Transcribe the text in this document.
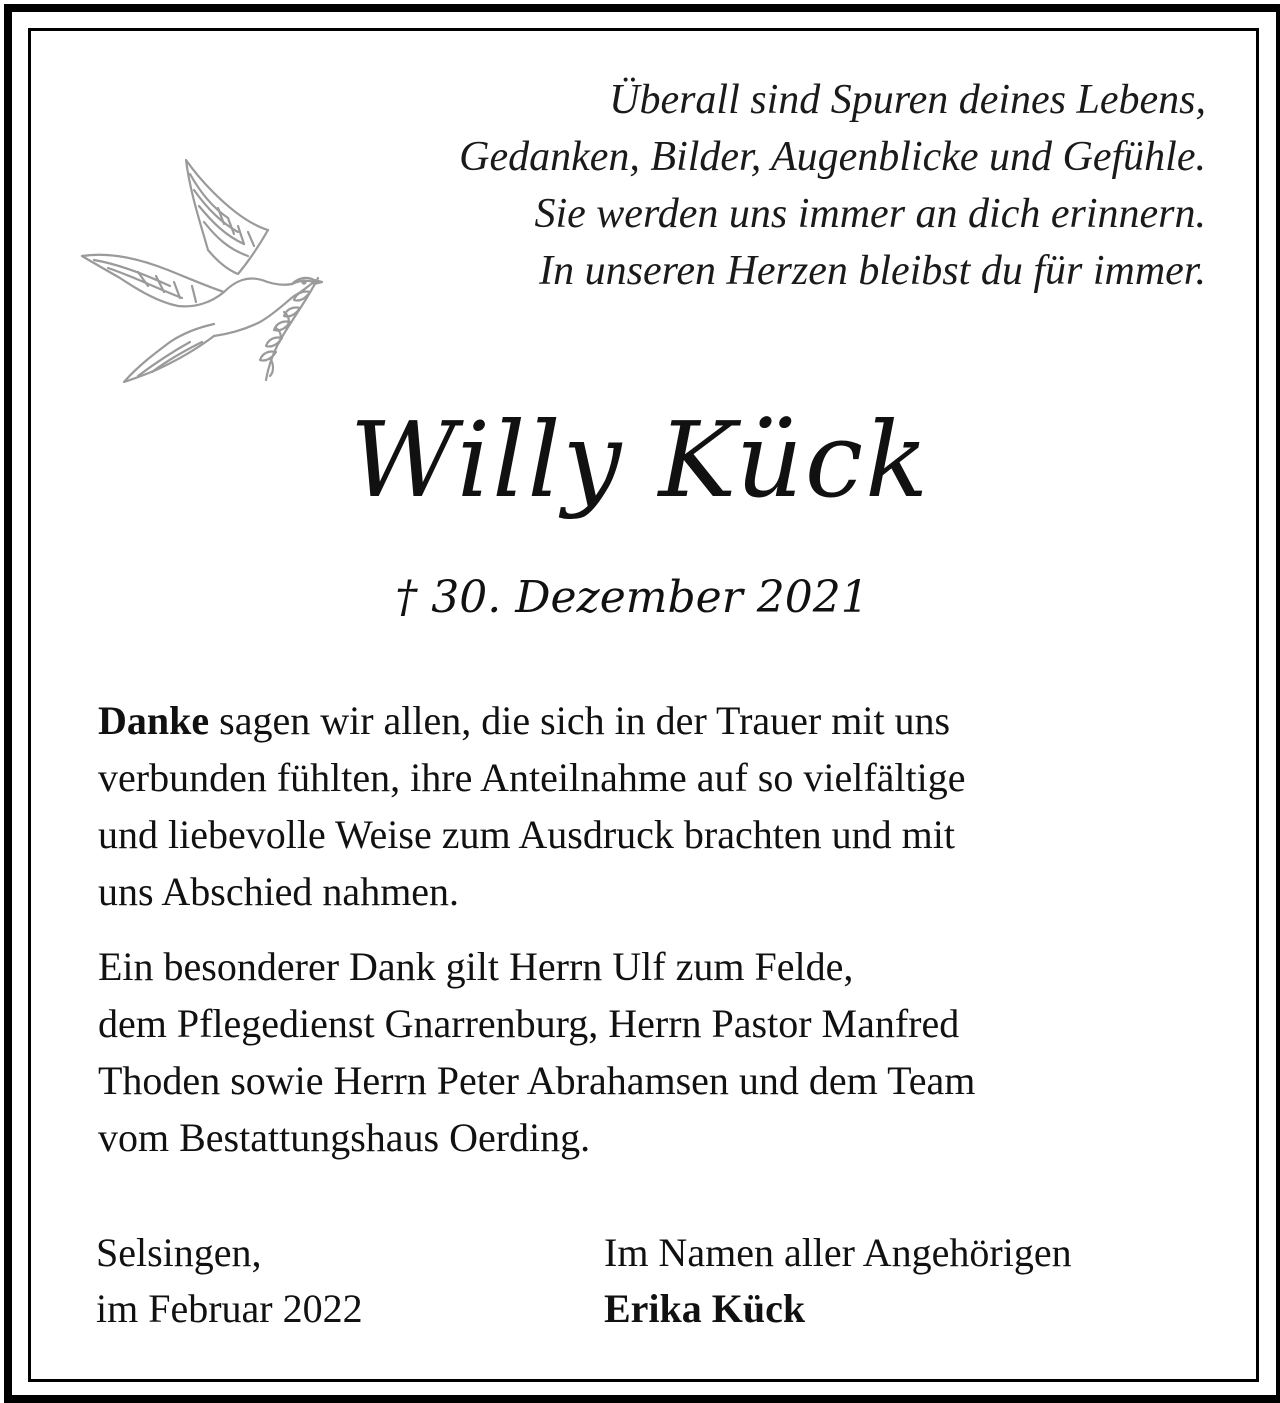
Überall sind Spuren deines Lebens,
Gedanken, Bilder, Augenblicke und Gefühle.
Sie werden uns immer an dich erinnern.
In unseren Herzen bleibst du für immer.
Willy Kück
† 30. Dezember 2021
Danke sagen wir allen, die sich in der Trauer mit uns
verbunden fühlten, ihre Anteilnahme auf so vielfältige
und liebevolle Weise zum Ausdruck brachten und mit
uns Abschied nahmen.
Ein besonderer Dank gilt Herrn Ulf zum Felde,
dem Pflegedienst Gnarrenburg, Herrn Pastor Manfred
Thoden sowie Herrn Peter Abrahamsen und dem Team
vom Bestattungshaus Oerding.
Selsingen,
im Februar 2022
Im Namen aller Angehörigen
Erika Kück
